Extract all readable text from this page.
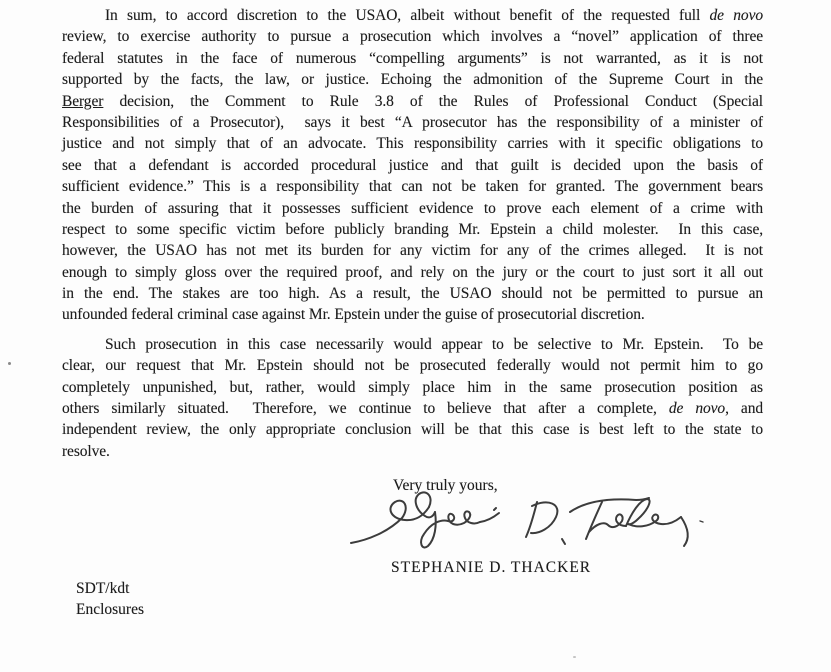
In sum, to accord discretion to the USAO, albeit without benefit of the requested full de novo
review, to exercise authority to pursue a prosecution which involves a “novel” application of three
federal statutes in the face of numerous “compelling arguments” is not warranted, as it is not
supported by the facts, the law, or justice. Echoing the admonition of the Supreme Court in the
Berger decision, the Comment to Rule 3.8 of the Rules of Professional Conduct (Special
Responsibilities of a Prosecutor),  says it best “A prosecutor has the responsibility of a minister of
justice and not simply that of an advocate. This responsibility carries with it specific obligations to
see that a defendant is accorded procedural justice and that guilt is decided upon the basis of
sufficient evidence.” This is a responsibility that can not be taken for granted. The government bears
the burden of assuring that it possesses sufficient evidence to prove each element of a crime with
respect to some specific victim before publicly branding Mr. Epstein a child molester.  In this case,
however, the USAO has not met its burden for any victim for any of the crimes alleged.  It is not
enough to simply gloss over the required proof, and rely on the jury or the court to just sort it all out
in the end. The stakes are too high. As a result, the USAO should not be permitted to pursue an
unfounded federal criminal case against Mr. Epstein under the guise of prosecutorial discretion.
Such prosecution in this case necessarily would appear to be selective to Mr. Epstein.  To be
clear, our request that Mr. Epstein should not be prosecuted federally would not permit him to go
completely unpunished, but, rather, would simply place him in the same prosecution position as
others similarly situated.  Therefore, we continue to believe that after a complete, de novo, and
independent review, the only appropriate conclusion will be that this case is best left to the state to
resolve.
Very truly yours,
STEPHANIE D. THACKER
SDT/kdt
Enclosures
